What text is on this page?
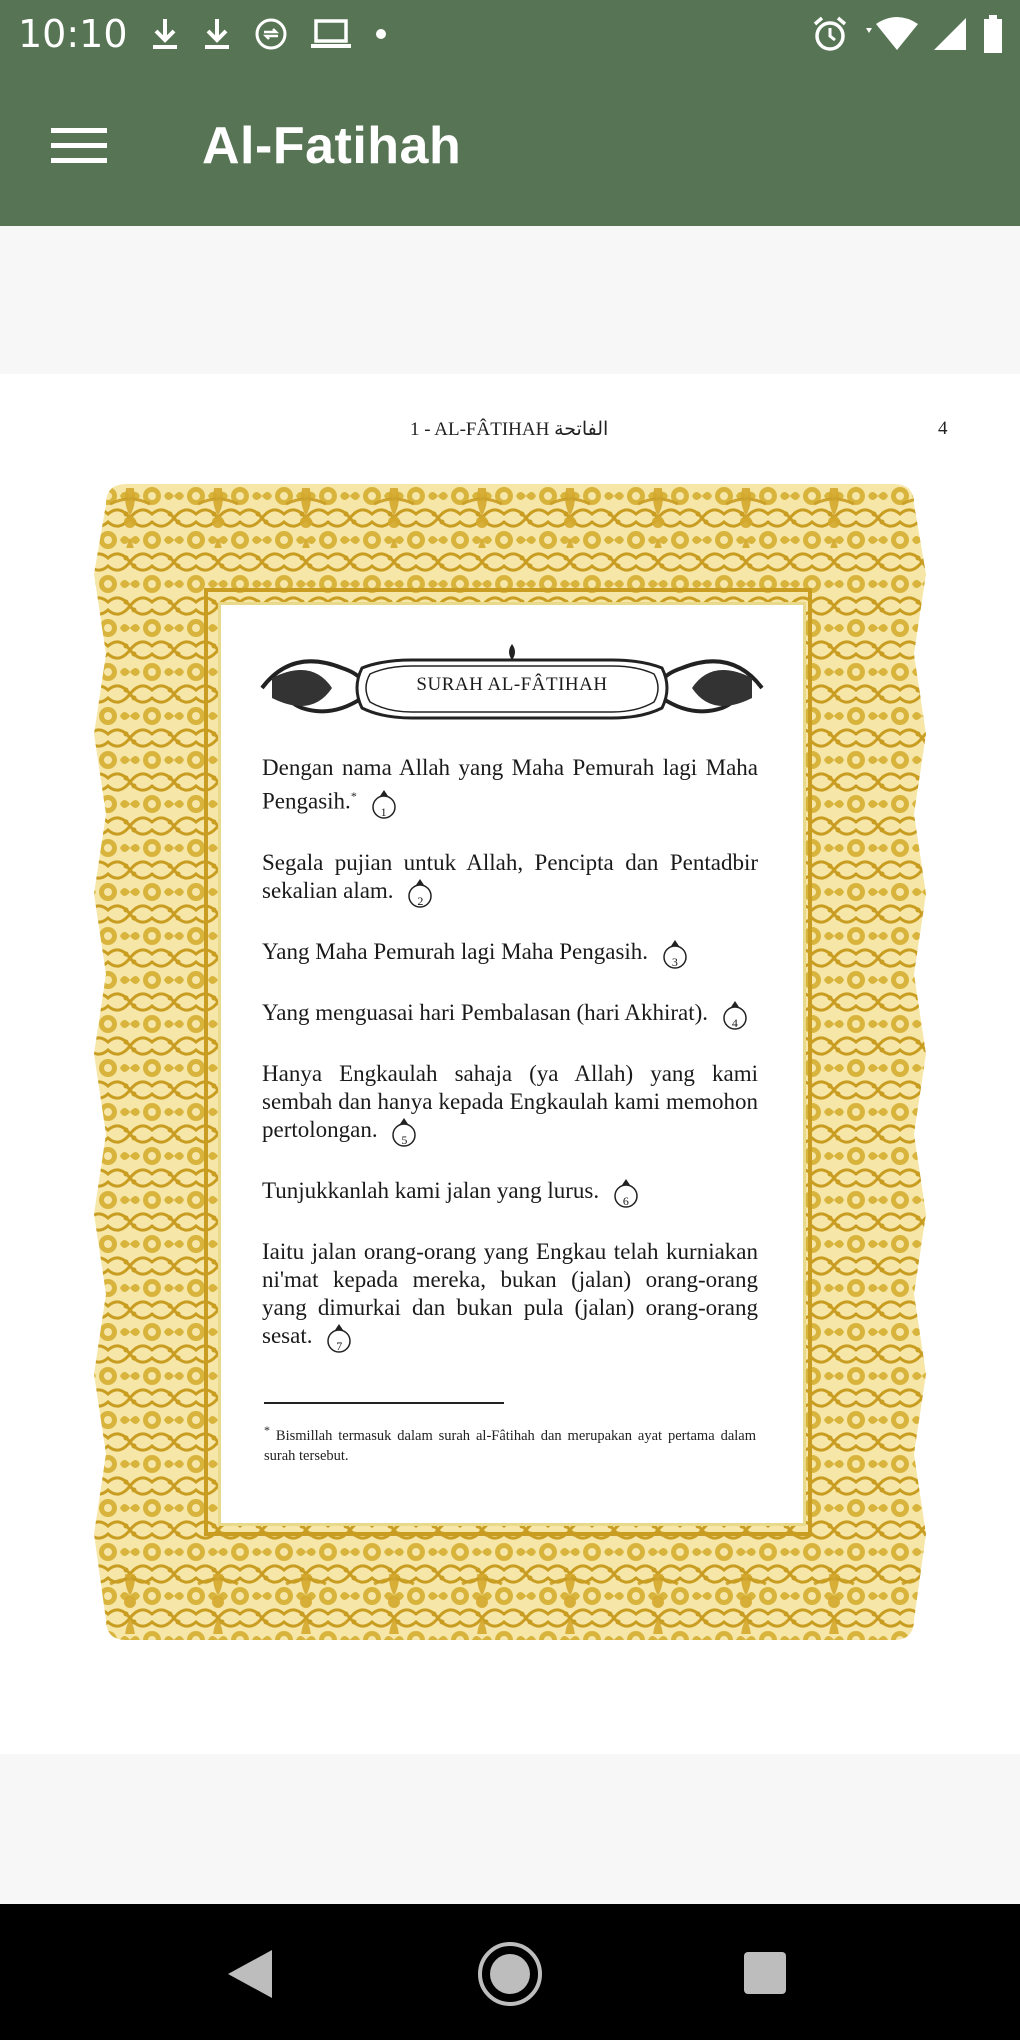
10:10
Al-Fatihah
1 - AL-FÂTIHAH الفاتحة	4
SURAH AL-FÂTIHAH

Dengan nama Allah yang Maha Pemurah lagi Maha Pengasih.*
1

Segala pujian untuk Allah, Pencipta dan Pentadbir sekalian alam.	2

Yang Maha Pemurah lagi Maha Pengasih.	3

Yang menguasai hari Pembalasan (hari Akhirat).	4

Hanya Engkaulah sahaja (ya Allah) yang kami sembah dan hanya kepada Engkaulah kami memohon pertolongan.	5

Tunjukkanlah kami jalan yang lurus.	6

Iaitu jalan orang-orang yang Engkau telah kurniakan ni'mat kepada mereka, bukan (jalan) orang-orang yang dimurkai dan bukan pula (jalan) orang-orang sesat.	7

* Bismillah termasuk dalam surah al-Fâtihah dan merupakan ayat pertama dalam surah tersebut.
